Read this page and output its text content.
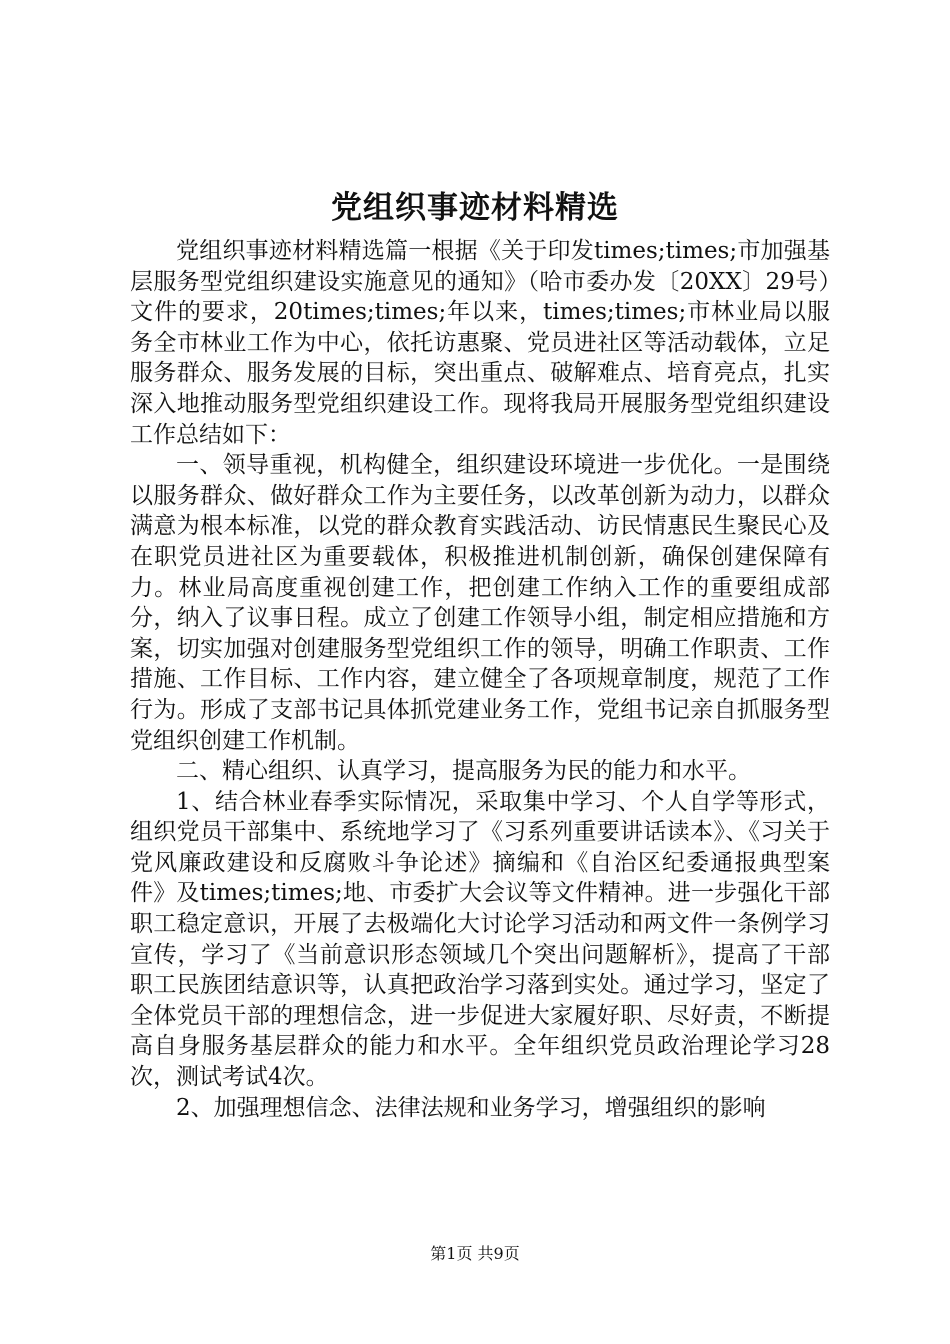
党组织事迹材料精选

党组织事迹材料精选篇一根据《关于印发times;times;市加强基层服务型党组织建设实施意见的通知》（哈市委办发〔20XX〕29号）文件的要求，20times;times;年以来，times;times;市林业局以服务全市林业工作为中心，依托访惠聚、党员进社区等活动载体，立足服务群众、服务发展的目标，突出重点、破解难点、培育亮点，扎实深入地推动服务型党组织建设工作。现将我局开展服务型党组织建设工作总结如下：

一、领导重视，机构健全，组织建设环境进一步优化。一是围绕以服务群众、做好群众工作为主要任务，以改革创新为动力，以群众满意为根本标准，以党的群众教育实践活动、访民情惠民生聚民心及在职党员进社区为重要载体，积极推进机制创新，确保创建保障有力。林业局高度重视创建工作，把创建工作纳入工作的重要组成部分，纳入了议事日程。成立了创建工作领导小组，制定相应措施和方案，切实加强对创建服务型党组织工作的领导，明确工作职责、工作措施、工作目标、工作内容，建立健全了各项规章制度，规范了工作行为。形成了支部书记具体抓党建业务工作，党组书记亲自抓服务型党组织创建工作机制。

二、精心组织、认真学习，提高服务为民的能力和水平。

1、结合林业春季实际情况，采取集中学习、个人自学等形式，组织党员干部集中、系统地学习了《习系列重要讲话读本》、《习关于党风廉政建设和反腐败斗争论述》摘编和《自治区纪委通报典型案件》及times;times;地、市委扩大会议等文件精神。进一步强化干部职工稳定意识，开展了去极端化大讨论学习活动和两文件一条例学习宣传，学习了《当前意识形态领域几个突出问题解析》，提高了干部职工民族团结意识等，认真把政治学习落到实处。通过学习，坚定了全体党员干部的理想信念，进一步促进大家履好职、尽好责，不断提高自身服务基层群众的能力和水平。全年组织党员政治理论学习28次，测试考试4次。

2、加强理想信念、法律法规和业务学习，增强组织的影响

第1页 共9页
